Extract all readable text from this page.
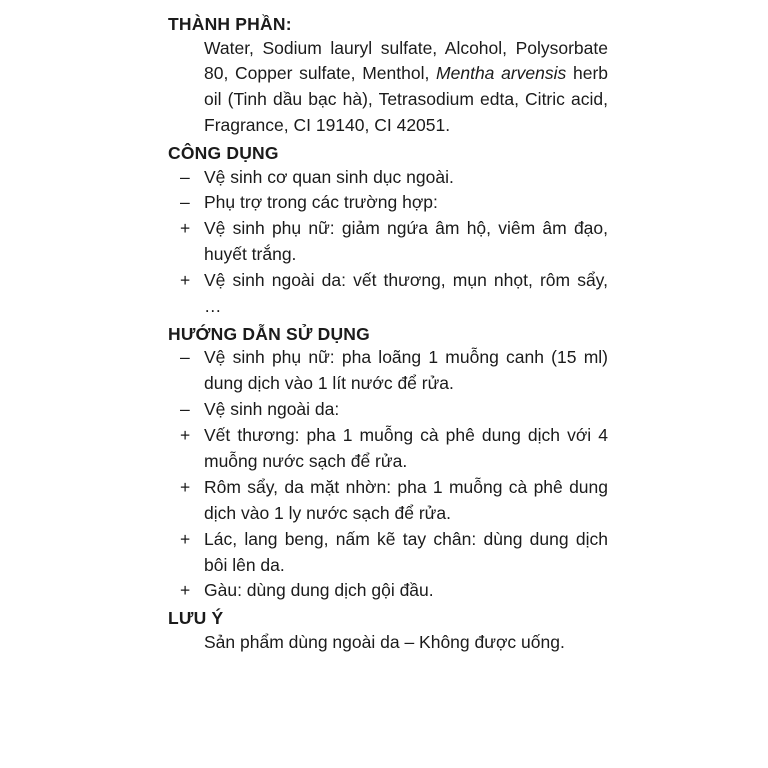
THÀNH PHẦN:

Water, Sodium lauryl sulfate, Alcohol, Polysorbate 80, Copper sulfate, Menthol, Mentha arvensis herb oil (Tinh dầu bạc hà), Tetrasodium edta, Citric acid, Fragrance, CI 19140, CI 42051.

CÔNG DỤNG
– Vệ sinh cơ quan sinh dục ngoài.
– Phụ trợ trong các trường hợp:
+ Vệ sinh phụ nữ: giảm ngứa âm hộ, viêm âm đạo, huyết trắng.
+ Vệ sinh ngoài da: vết thương, mụn nhọt, rôm sẩy, …
HƯỚNG DẪN SỬ DỤNG
– Vệ sinh phụ nữ: pha loãng 1 muỗng canh (15 ml) dung dịch vào 1 lít nước để rửa.
– Vệ sinh ngoài da:
+ Vết thương: pha 1 muỗng cà phê dung dịch với 4 muỗng nước sạch để rửa.
+ Rôm sẩy, da mặt nhờn: pha 1 muỗng cà phê dung dịch vào 1 ly nước sạch để rửa.
+ Lác, lang beng, nấm kẽ tay chân: dùng dung dịch bôi lên da.
+ Gàu: dùng dung dịch gội đầu.
LƯU Ý

Sản phẩm dùng ngoài da – Không được uống.
